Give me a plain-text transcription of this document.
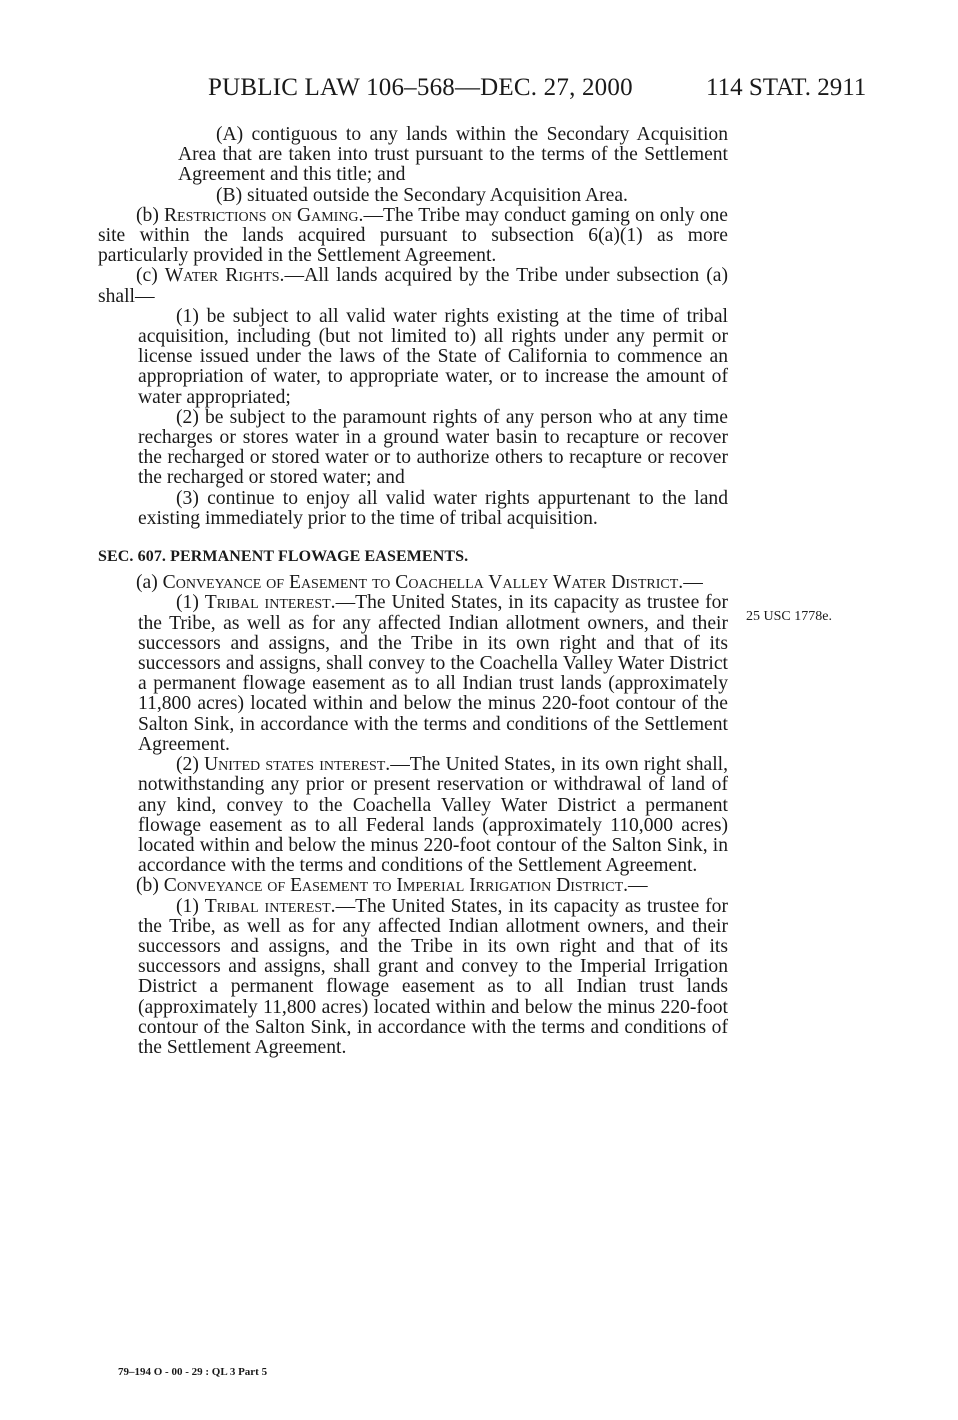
PUBLIC LAW 106–568—DEC. 27, 2000	114 STAT. 2911
25 USC 1778e.

(A) contiguous to any lands within the Secondary Acquisition Area that are taken into trust pursuant to the terms of the Settlement Agreement and this title; and

(B) situated outside the Secondary Acquisition Area.

(b) Restrictions on Gaming.—The Tribe may conduct gaming on only one site within the lands acquired pursuant to subsection 6(a)(1) as more particularly provided in the Settlement Agreement.

(c) Water Rights.—All lands acquired by the Tribe under subsection (a) shall—

(1) be subject to all valid water rights existing at the time of tribal acquisition, including (but not limited to) all rights under any permit or license issued under the laws of the State of California to commence an appropriation of water, to appropriate water, or to increase the amount of water appropriated;

(2) be subject to the paramount rights of any person who at any time recharges or stores water in a ground water basin to recapture or recover the recharged or stored water or to authorize others to recapture or recover the recharged or stored water; and

(3) continue to enjoy all valid water rights appurtenant to the land existing immediately prior to the time of tribal acquisition.

SEC. 607. PERMANENT FLOWAGE EASEMENTS.

(a) Conveyance of Easement to Coachella Valley Water District.—

(1) Tribal interest.—The United States, in its capacity as trustee for the Tribe, as well as for any affected Indian allotment owners, and their successors and assigns, and the Tribe in its own right and that of its successors and assigns, shall convey to the Coachella Valley Water District a permanent flowage easement as to all Indian trust lands (approximately 11,800 acres) located within and below the minus 220-foot contour of the Salton Sink, in accordance with the terms and conditions of the Settlement Agreement.

(2) United states interest.—The United States, in its own right shall, notwithstanding any prior or present reservation or withdrawal of land of any kind, convey to the Coachella Valley Water District a permanent flowage easement as to all Federal lands (approximately 110,000 acres) located within and below the minus 220-foot contour of the Salton Sink, in accordance with the terms and conditions of the Settlement Agreement.

(b) Conveyance of Easement to Imperial Irrigation District.—

(1) Tribal interest.—The United States, in its capacity as trustee for the Tribe, as well as for any affected Indian allotment owners, and their successors and assigns, and the Tribe in its own right and that of its successors and assigns, shall grant and convey to the Imperial Irrigation District a permanent flowage easement as to all Indian trust lands (approximately 11,800 acres) located within and below the minus 220-foot contour of the Salton Sink, in accordance with the terms and conditions of the Settlement Agreement.

79–194 O - 00 - 29 : QL 3 Part 5
